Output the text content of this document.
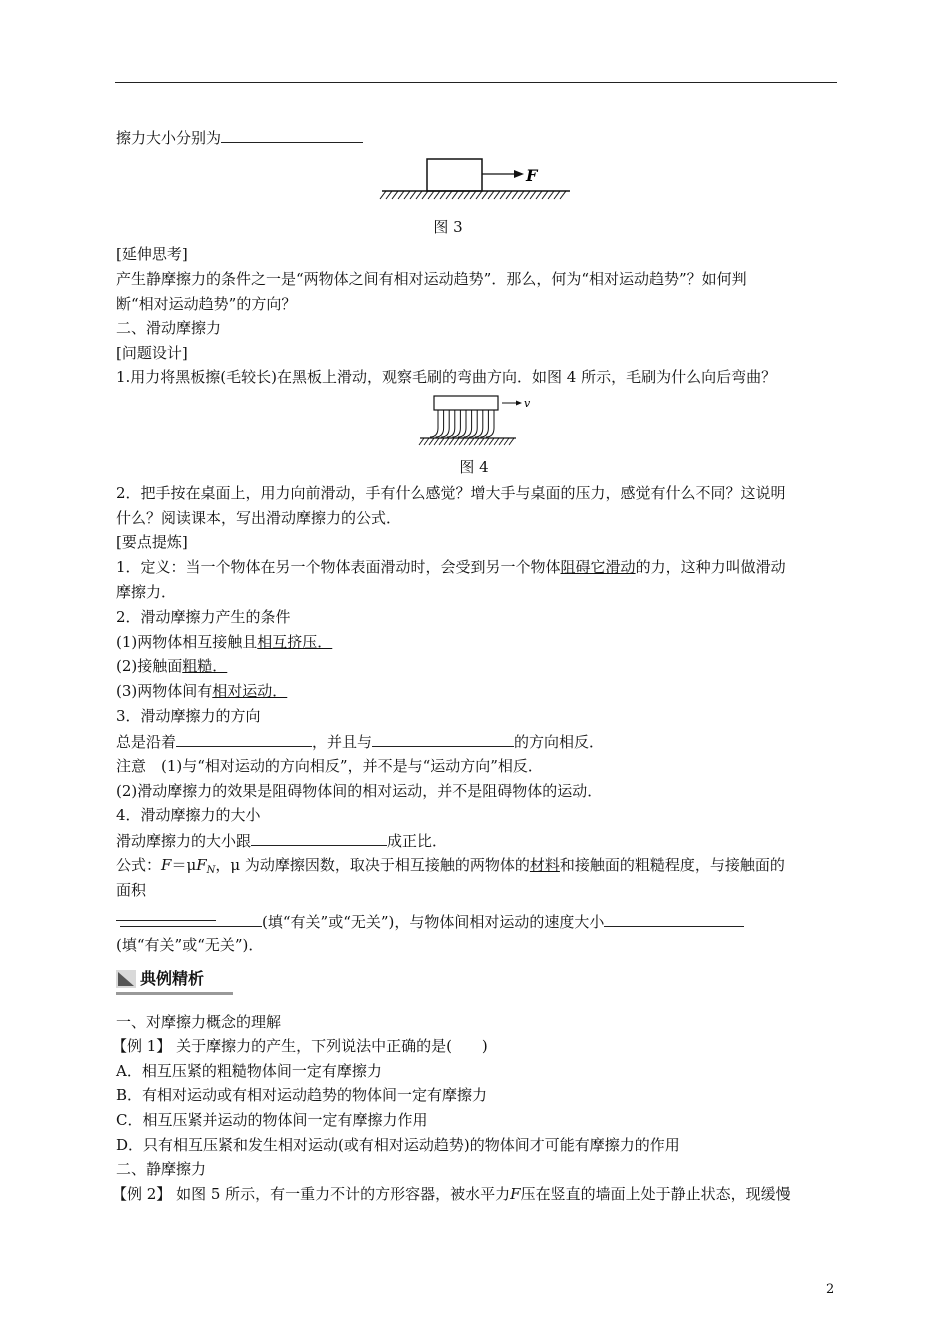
擦力大小分别为
F
图 3
[延伸思考]
产生静摩擦力的条件之一是“两物体之间有相对运动趋势”．那么，何为“相对运动趋势”？如何判
断“相对运动趋势”的方向？
二、滑动摩擦力
[问题设计]
1.用力将黑板擦(毛较长)在黑板上滑动，观察毛刷的弯曲方向．如图 4 所示，毛刷为什么向后弯曲？
v
图 4
2．把手按在桌面上，用力向前滑动，手有什么感觉？增大手与桌面的压力，感觉有什么不同？这说明
什么？阅读课本，写出滑动摩擦力的公式．
[要点提炼]
1．定义：当一个物体在另一个物体表面滑动时，会受到另一个物体阻碍它滑动的力，这种力叫做滑动
摩擦力．
2．滑动摩擦力产生的条件
(1)两物体相互接触且相互挤压．
(2)接触面粗糙．
(3)两物体间有相对运动．
3．滑动摩擦力的方向
总是沿着	，并且与	的方向相反．
注意　(1)与“相对运动的方向相反”，并不是与“运动方向”相反．
(2)滑动摩擦力的效果是阻碍物体间的相对运动，并不是阻碍物体的运动．
4．滑动摩擦力的大小
滑动摩擦力的大小跟	成正比．
公式：$F=\mu F_N$，μ 为动摩擦因数，取决于相互接触的两物体的材料和接触面的粗糙程度，与接触面的
面积
(填“有关”或“无关”)，与物体间相对运动的速度大小
(填“有关”或“无关”)．
典例精析
一、对摩擦力概念的理解
【例 1】 关于摩擦力的产生，下列说法中正确的是(　　)
A．相互压紧的粗糙物体间一定有摩擦力
B．有相对运动或有相对运动趋势的物体间一定有摩擦力
C．相互压紧并运动的物体间一定有摩擦力作用
D．只有相互压紧和发生相对运动(或有相对运动趋势)的物体间才可能有摩擦力的作用
二、静摩擦力
【例 2】 如图 5 所示，有一重力不计的方形容器，被水平力F压在竖直的墙面上处于静止状态，现缓慢
2
